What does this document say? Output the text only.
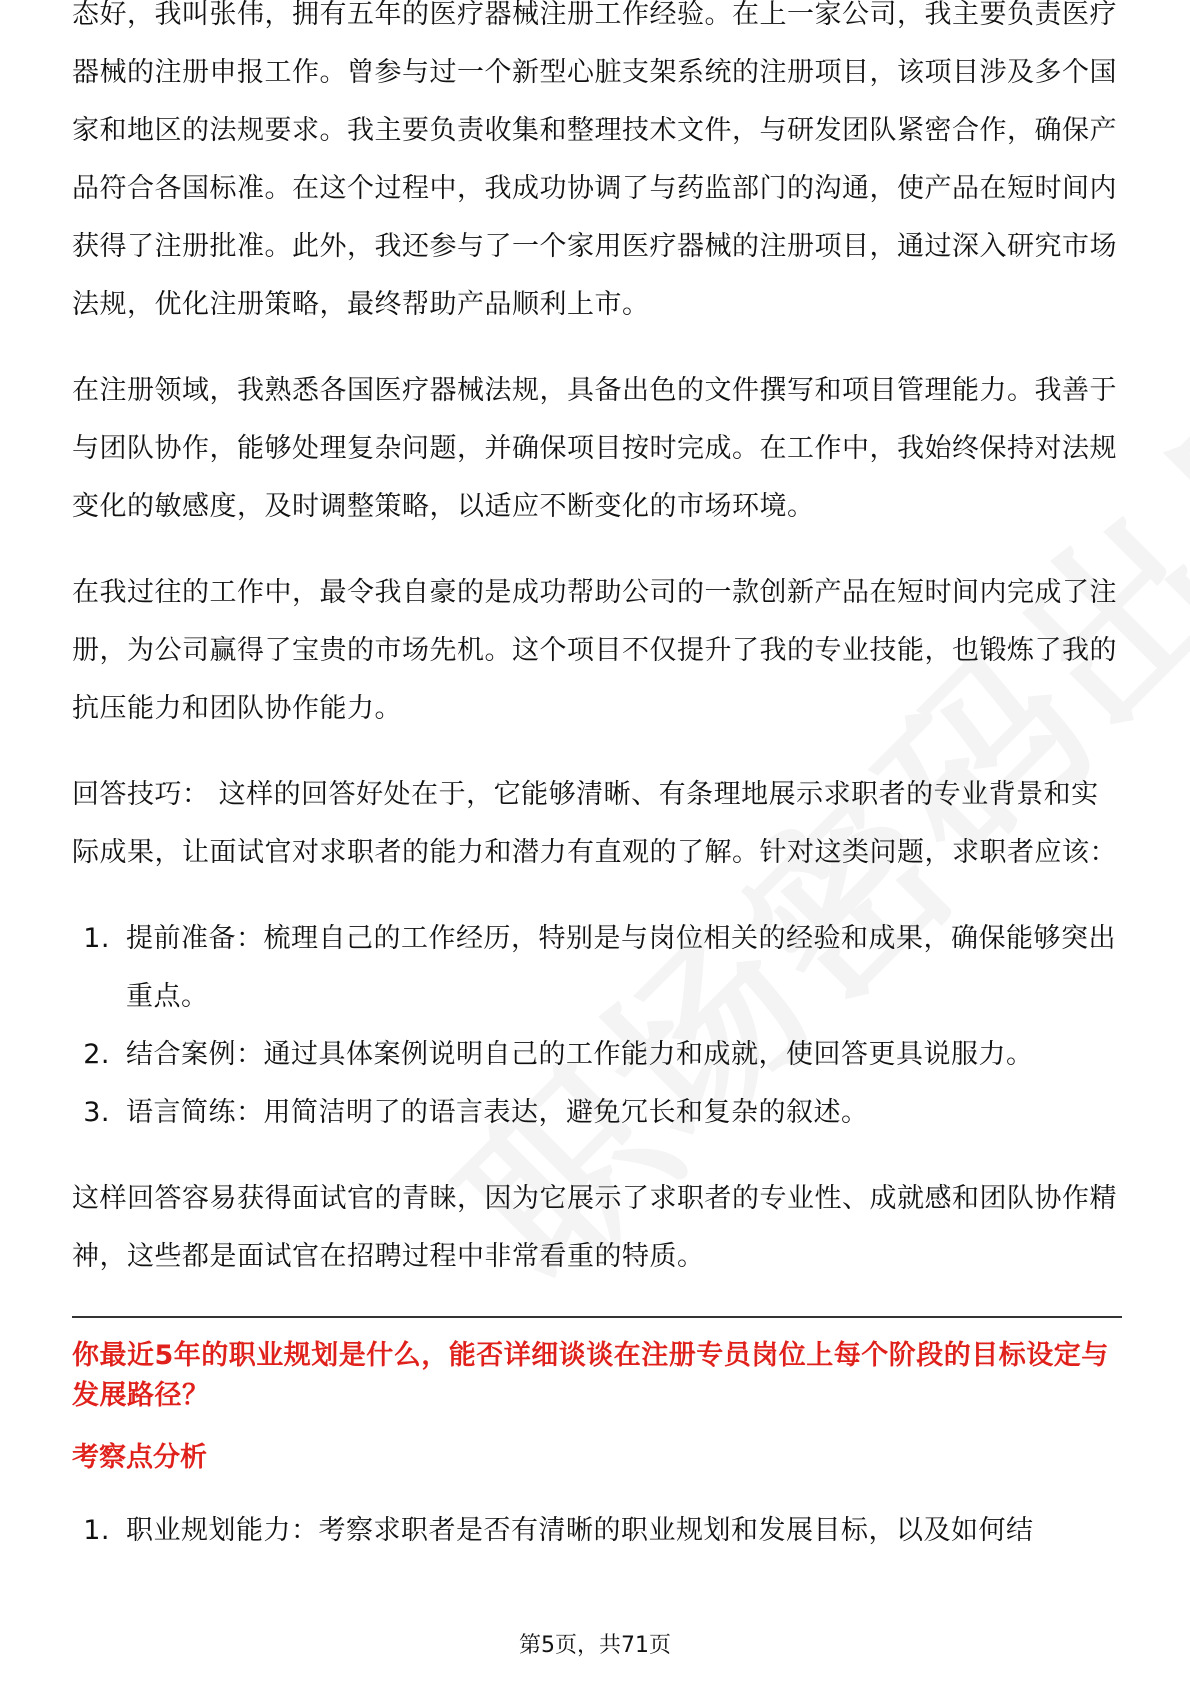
态好，我叫张伟，拥有五年的医疗器械注册工作经验。在上一家公司，我主要负责医疗器械的注册申报工作。曾参与过一个新型心脏支架系统的注册项目，该项目涉及多个国家和地区的法规要求。我主要负责收集和整理技术文件，与研发团队紧密合作，确保产品符合各国标准。在这个过程中，我成功协调了与药监部门的沟通，使产品在短时间内获得了注册批准。此外，我还参与了一个家用医疗器械的注册项目，通过深入研究市场法规，优化注册策略，最终帮助产品顺利上市。

在注册领域，我熟悉各国医疗器械法规，具备出色的文件撰写和项目管理能力。我善于与团队协作，能够处理复杂问题，并确保项目按时完成。在工作中，我始终保持对法规变化的敏感度，及时调整策略，以适应不断变化的市场环境。

在我过往的工作中，最令我自豪的是成功帮助公司的一款创新产品在短时间内完成了注册，为公司赢得了宝贵的市场先机。这个项目不仅提升了我的专业技能，也锻炼了我的抗压能力和团队协作能力。

回答技巧： 这样的回答好处在于，它能够清晰、有条理地展示求职者的专业背景和实际成果，让面试官对求职者的能力和潜力有直观的了解。针对这类问题，求职者应该：

1. 提前准备：梳理自己的工作经历，特别是与岗位相关的经验和成果，确保能够突出重点。
2. 结合案例：通过具体案例说明自己的工作能力和成就，使回答更具说服力。
3. 语言简练：用简洁明了的语言表达，避免冗长和复杂的叙述。

这样回答容易获得面试官的青睐，因为它展示了求职者的专业性、成就感和团队协作精神，这些都是面试官在招聘过程中非常看重的特质。

你最近5年的职业规划是什么，能否详细谈谈在注册专员岗位上每个阶段的目标设定与发展路径？

考察点分析

1. 职业规划能力：考察求职者是否有清晰的职业规划和发展目标，以及如何结
第5页，共71页
